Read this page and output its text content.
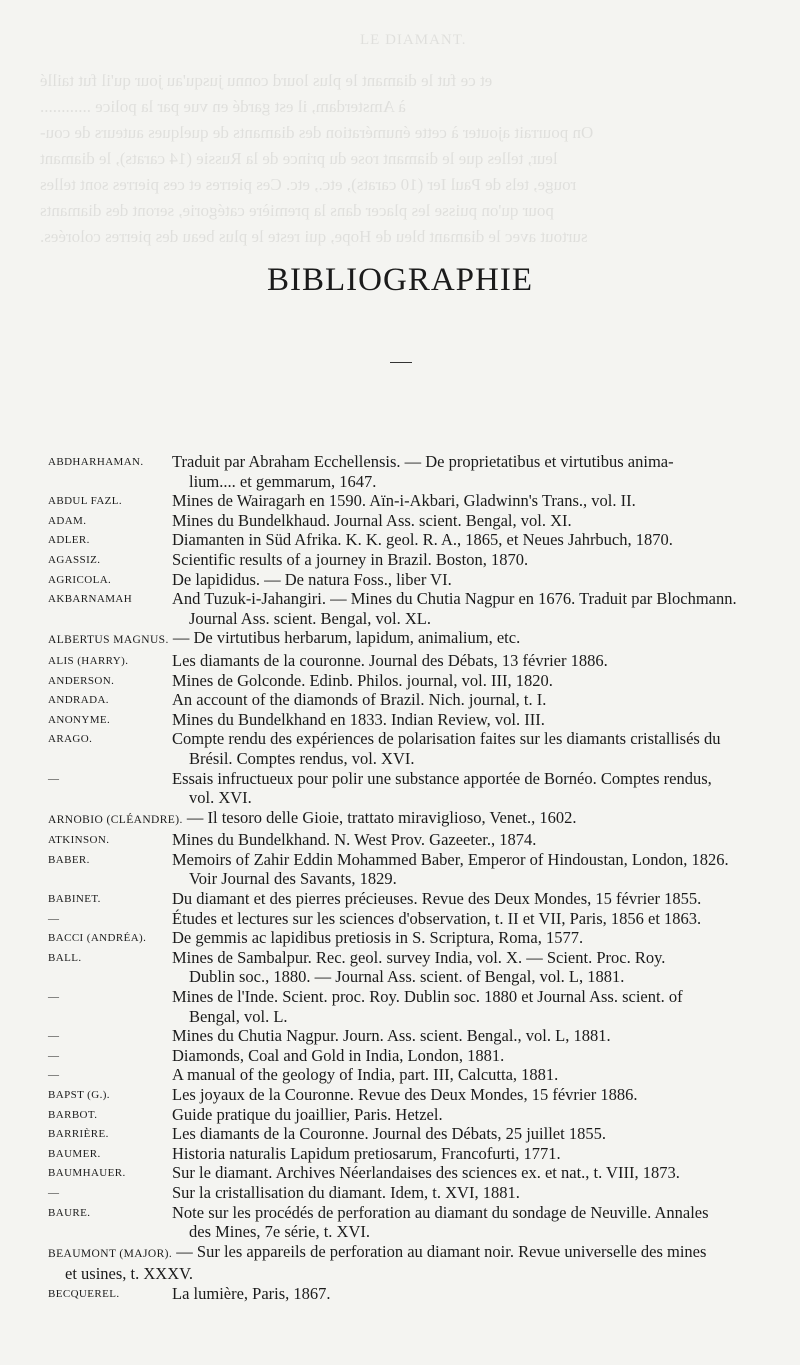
LE DIAMANT.
et ce fut le diamant le plus lourd connu jusqu'au jour qu'il fut taillé
à Amsterdam, il est gardé en vue par la police ............
On pourrait ajouter à cette énumération des diamants de quelques auteurs de cou-
leur, telles que le diamant rose du prince de la Russie (14 carats), le diamant
rouge, tels de Paul Ier (10 carats), etc., etc. Ces pierres et ces pierres sont telles
pour qu'on puisse les placer dans la première catégorie, seront des diamants
surtout avec le diamant bleu de Hope, qui reste le plus beau des pierres colorées.
BIBLIOGRAPHIE
ABDHARHAMAN.	Traduit par Abraham Ecchellensis. — De proprietatibus et virtutibus anima-
lium.... et gemmarum, 1647.
ABDUL FAZL.	Mines de Wairagarh en 1590. Aïn-i-Akbari, Gladwinn's Trans., vol. II.
ADAM.	Mines du Bundelkhaud. Journal Ass. scient. Bengal, vol. XI.
ADLER.	Diamanten in Süd Afrika. K. K. geol. R. A., 1865, et Neues Jahrbuch, 1870.
AGASSIZ.	Scientific results of a journey in Brazil. Boston, 1870.
AGRICOLA.	De lapididus. — De natura Foss., liber VI.
AKBARNAMAH	And Tuzuk-i-Jahangiri. — Mines du Chutia Nagpur en 1676. Traduit par Blochmann.
Journal Ass. scient. Bengal, vol. XL.
ALBERTUS MAGNUS. — De virtutibus herbarum, lapidum, animalium, etc.
ALIS (HARRY).	Les diamants de la couronne. Journal des Débats, 13 février 1886.
ANDERSON.	Mines de Golconde. Edinb. Philos. journal, vol. III, 1820.
ANDRADA.	An account of the diamonds of Brazil. Nich. journal, t. I.
ANONYME.	Mines du Bundelkhand en 1833. Indian Review, vol. III.
ARAGO.	Compte rendu des expériences de polarisation faites sur les diamants cristallisés du
Brésil. Comptes rendus, vol. XVI.
—	Essais infructueux pour polir une substance apportée de Bornéo. Comptes rendus,
vol. XVI.
ARNOBIO (CLÉANDRE). — Il tesoro delle Gioie, trattato miraviglioso, Venet., 1602.
ATKINSON.	Mines du Bundelkhand. N. West Prov. Gazeeter., 1874.
BABER.	Memoirs of Zahir Eddin Mohammed Baber, Emperor of Hindoustan, London, 1826.
Voir Journal des Savants, 1829.
BABINET.	Du diamant et des pierres précieuses. Revue des Deux Mondes, 15 février 1855.
—	Études et lectures sur les sciences d'observation, t. II et VII, Paris, 1856 et 1863.
BACCI (ANDRÉA).	De gemmis ac lapidibus pretiosis in S. Scriptura, Roma, 1577.
BALL.	Mines de Sambalpur. Rec. geol. survey India, vol. X. — Scient. Proc. Roy.
Dublin soc., 1880. — Journal Ass. scient. of Bengal, vol. L, 1881.
—	Mines de l'Inde. Scient. proc. Roy. Dublin soc. 1880 et Journal Ass. scient. of
Bengal, vol. L.
—	Mines du Chutia Nagpur. Journ. Ass. scient. Bengal., vol. L, 1881.
—	Diamonds, Coal and Gold in India, London, 1881.
—	A manual of the geology of India, part. III, Calcutta, 1881.
BAPST (G.).	Les joyaux de la Couronne. Revue des Deux Mondes, 15 février 1886.
BARBOT.	Guide pratique du joaillier, Paris. Hetzel.
BARRIÈRE.	Les diamants de la Couronne. Journal des Débats, 25 juillet 1855.
BAUMER.	Historia naturalis Lapidum pretiosarum, Francofurti, 1771.
BAUMHAUER.	Sur le diamant. Archives Néerlandaises des sciences ex. et nat., t. VIII, 1873.
—	Sur la cristallisation du diamant. Idem, t. XVI, 1881.
BAURE.	Note sur les procédés de perforation au diamant du sondage de Neuville. Annales
des Mines, 7e série, t. XVI.
BEAUMONT (MAJOR). — Sur les appareils de perforation au diamant noir. Revue universelle des mines
et usines, t. XXXV.
BECQUEREL.	La lumière, Paris, 1867.
